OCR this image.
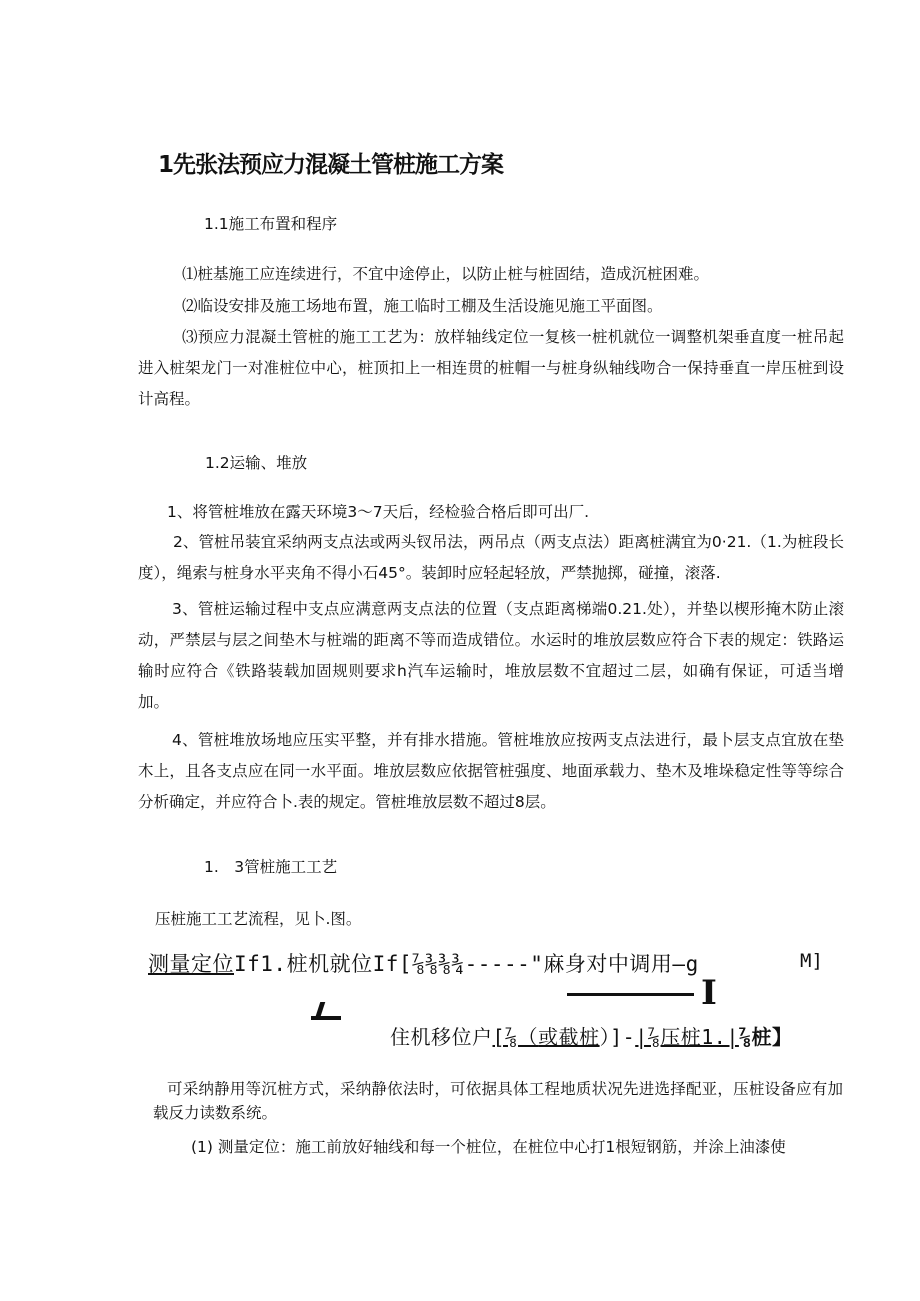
1先张法预应力混凝土管桩施工方案
1.1施工布置和程序
⑴桩基施工应连续进行，不宜中途停止，以防止桩与桩固结，造成沉桩困难。
⑵临设安排及施工场地布置，施工临时工棚及生活设施见施工平面图。
⑶预应力混凝土管桩的施工工艺为：放样轴线定位一复核一桩机就位一调整机架垂直度一桩吊起进入桩架龙门一对准桩位中心，桩顶扣上一相连贯的桩帽一与桩身纵轴线吻合一保持垂直一岸压桩到设计高程。
1.2运输、堆放
1、将管桩堆放在露天环境3〜7天后，经检验合格后即可出厂.
2、管桩吊装宜采纳两支点法或两头钗吊法，两吊点（两支点法）距离桩满宜为0·21.（1.为桩段长度），绳索与桩身水平夹角不得小石45°。装卸时应轻起轻放，严禁抛掷，碰撞，滚落.
3、管桩运输过程中支点应满意两支点法的位置（支点距离梯端0.21.处），并垫以楔形掩木防止滚动，严禁层与层之间垫木与桩端的距离不等而造成错位。水运时的堆放层数应符合下表的规定：铁路运输时应符合《铁路装载加固规则要求h汽车运输时，堆放层数不宜超过二层，如确有保证，可适当增加。
4、管桩堆放场地应压实平整，并有排水措施。管桩堆放应按两支点法进行，最卜层支点宜放在垫木上，且各支点应在同一水平面。堆放层数应依据管桩强度、地面承载力、垫木及堆垛稳定性等等综合分析确定，并应符合卜.表的规定。管桩堆放层数不超过8层。
1.　3管桩施工工艺
压桩施工工艺流程，见卜.图。
测量定位If1.桩机就位If[⅞⅜⅜¾-----"麻身对中调用—g	M]
I
住机移位户[⅞（或截桩）]-|⅞压桩1.|⅞桩】
可采纳静用等沉桩方式，采纳静依法时，可依据具体工程地质状况先进选择配亚，压桩设备应有加载反力读数系统。
(1) 测量定位：施工前放好轴线和每一个桩位，在桩位中心打1根短钢筋，并涂上油漆使
